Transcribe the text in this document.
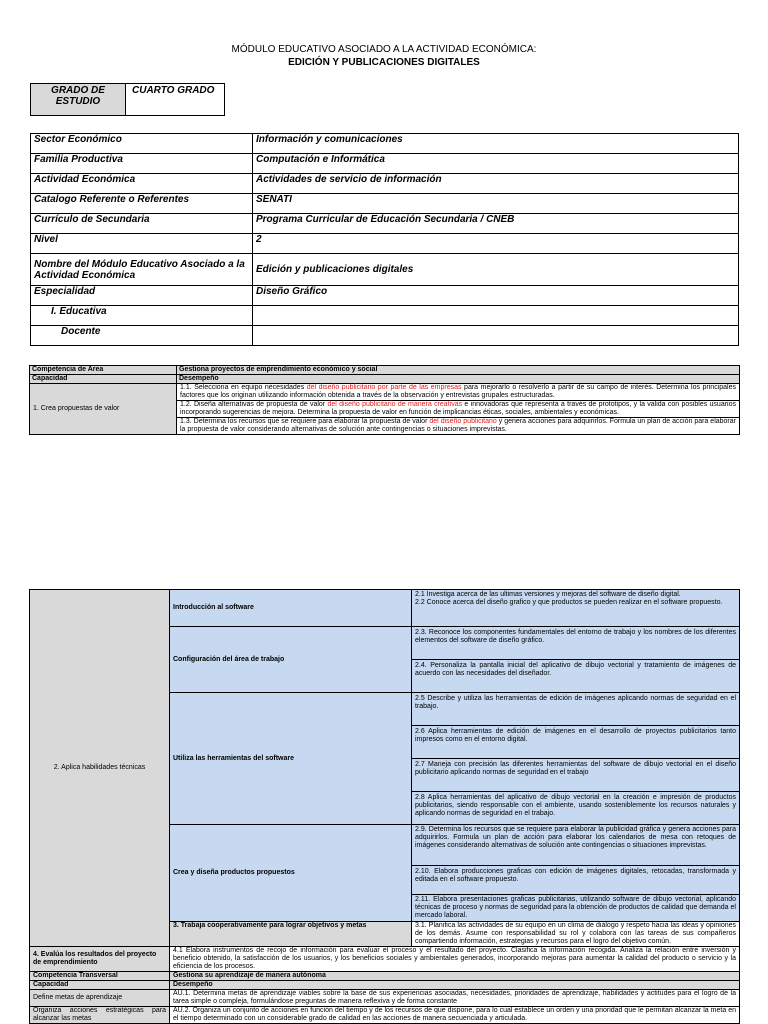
MÓDULO EDUCATIVO ASOCIADO A LA ACTIVIDAD ECONÓMICA:
EDICIÓN Y PUBLICACIONES DIGITALES
GRADO DE ESTUDIO	CUARTO GRADO
Sector Económico	Información y comunicaciones
Familia Productiva	Computación e Informática
Actividad Económica	Actividades de servicio de información
Catalogo Referente o Referentes	SENATI
Currículo de Secundaria	Programa Curricular de Educación Secundaria / CNEB
Nivel	2
Nombre del Módulo Educativo Asociado a la Actividad Económica	Edición y publicaciones digitales
Especialidad	Diseño Gráfico
I. Educativa	
Docente	
Competencia de Area	Gestiona proyectos de emprendimiento económico y social
Capacidad	Desempeño
1. Crea propuestas de valor	1.1. Selecciona en equipo necesidades del diseño publicitario por parte de las empresas para mejorarlo o resolverlo a partir de su campo de interés. Determina los principales factores que los originan utilizando información obtenida a través de la observación y entrevistas grupales estructuradas.
	1.2. Diseña alternativas de propuesta de valor del diseño publicitario de manera creativas e innovadoras que representa a través de prototipos, y la valida con posibles usuarios incorporando sugerencias de mejora. Determina la propuesta de valor en función de implicancias éticas, sociales, ambientales y económicas.
	1.3. Determina los recursos que se requiere para elaborar la propuesta de valor del diseño publicitario y genera acciones para adquirirlos. Formula un plan de acción para elaborar la propuesta de valor considerando alternativas de solución ante contingencias o situaciones imprevistas.
2. Aplica habilidades técnicas	Introducción al software	2.1 Investiga acerca de las ultimas versiones y mejoras del software de diseño digital.
2.2 Conoce acerca del diseño grafico y que productos se pueden realizar en el software propuesto.
	Configuración del área de trabajo	2.3. Reconoce los componentes fundamentales del entorno de trabajo y los nombres de los diferentes elementos del software de diseño gráfico.
		2.4. Personaliza la pantalla inicial del aplicativo de dibujo vectorial y tratamiento de imágenes de acuerdo con las necesidades del diseñador.
	Utiliza las herramientas del software	2.5 Describe y utiliza las herramientas de edición de imágenes aplicando normas de seguridad en el trabajo.
		2.6 Aplica herramientas de edición de imágenes en el desarrollo de proyectos publicitarios tanto impresos como en el entorno digital.
		2.7 Maneja con precisión las diferentes herramientas del software de dibujo vectorial en el diseño publicitario aplicando normas de seguridad en el trabajo
		2.8 Aplica herramientas del aplicativo de dibujo vectorial en la creación e impresión de productos publicitarios, siendo responsable con el ambiente, usando sosteniblemente los recursos naturales y aplicando normas de seguridad en el trabajo.
	Crea y diseña productos propuestos	2.9. Determina los recursos que se requiere para elaborar la publicidad gráfica y genera acciones para adquirirlos. Formula un plan de acción para elaborar los calendarios de mesa con retoques de imágenes considerando alternativas de solución ante contingencias o situaciones imprevistas.
		2.10. Elabora producciones graficas con edición de imágenes digitales, retocadas, transformada y editada en el software propuesto.
		2.11. Elabora presentaciones graficas publicitarias, utilizando software de dibujo vectorial, aplicando técnicas de proceso y normas de seguridad para la obtención de productos de calidad que demanda el mercado laboral.
	3. Trabaja cooperativamente para lograr objetivos y metas	3.1. Planifica las actividades de su equipo en un clima de diálogo y respeto hacia las ideas y opiniones de los demás. Asume con responsabilidad su rol y colabora con las tareas de sus compañeros compartiendo información, estrategias y recursos para el logro del objetivo común.
4. Evalúa los resultados del proyecto de emprendimiento	4.1 Elabora instrumentos de recojo de información para evaluar el proceso y el resultado del proyecto. Clasifica la información recogida. Analiza la relación entre inversión y beneficio obtenido, la satisfacción de los usuarios, y los beneficios sociales y ambientales generados, incorporando mejoras para aumentar la calidad del producto o servicio y la eficiencia de los procesos.	
Competencia Transversal	Gestiona su aprendizaje de manera autónoma	
Capacidad	Desempeño	
Define metas de aprendizaje	AU.1. Determina metas de aprendizaje viables sobre la base de sus experiencias asociadas, necesidades, prioridades de aprendizaje, habilidades y actitudes para el logro de la tarea simple o compleja, formulándose preguntas de manera reflexiva y de forma constante	
Organiza acciones estratégicas para alcanzar las metas	AU.2. Organiza un conjunto de acciones en función del tiempo y de los recursos de que dispone, para lo cual establece un orden y una prioridad que le permitan alcanzar la meta en el tiempo determinado con un considerable grado de calidad en las acciones de manera secuenciada y articulada.	
